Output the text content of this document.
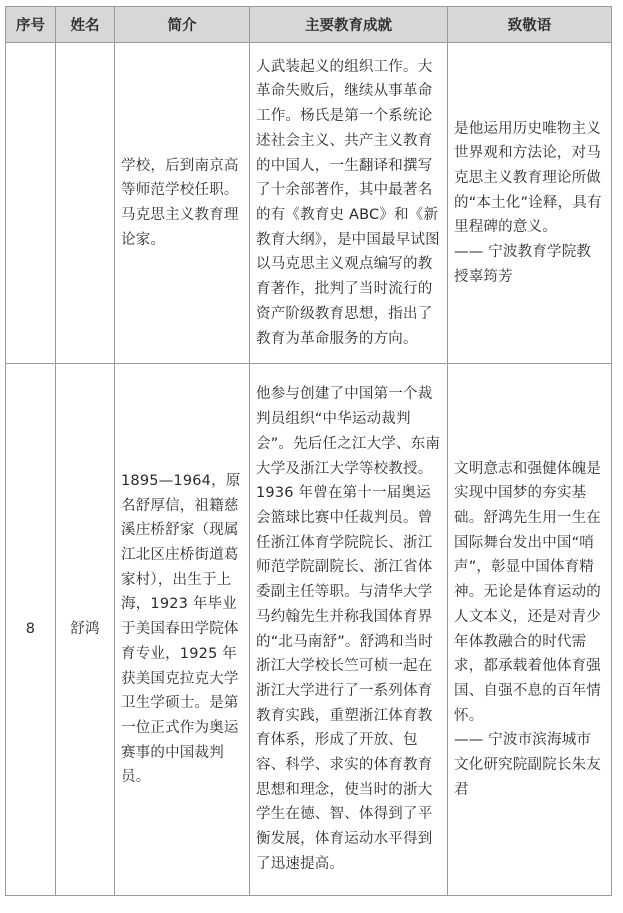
序号	姓名	简介	主要教育成就	致敬语

		学校，后到南京高等师范学校任职。马克思主义教育理论家。	人武装起义的组织工作。大革命失败后，继续从事革命工作。杨氏是第一个系统论述社会主义、共产主义教育的中国人，一生翻译和撰写了十余部著作，其中最著名的有《教育史 ABC》和《新教育大纲》，是中国最早试图以马克思主义观点编写的教育著作，批判了当时流行的资产阶级教育思想，指出了教育为革命服务的方向。	是他运用历史唯物主义世界观和方法论，对马克思主义教育理论所做的“本土化”诠释，具有里程碑的意义。
—— 宁波教育学院教授辜筠芳

8	舒鸿	1895—1964，原名舒厚信，祖籍慈溪庄桥舒家（现属江北区庄桥街道葛家村），出生于上海，1923 年毕业于美国春田学院体育专业，1925 年获美国克拉克大学卫生学硕士。是第一位正式作为奥运赛事的中国裁判员。	他参与创建了中国第一个裁判员组织“中华运动裁判会”。先后任之江大学、东南大学及浙江大学等校教授。1936 年曾在第十一届奥运会篮球比赛中任裁判员。曾任浙江体育学院院长、浙江师范学院副院长、浙江省体委副主任等职。与清华大学马约翰先生并称我国体育界的“北马南舒”。舒鸿和当时浙江大学校长竺可桢一起在浙江大学进行了一系列体育教育实践，重塑浙江体育教育体系，形成了开放、包容、科学、求实的体育教育思想和理念，使当时的浙大学生在德、智、体得到了平衡发展，体育运动水平得到了迅速提高。	文明意志和强健体魄是实现中国梦的夯实基础。舒鸿先生用一生在国际舞台发出中国“哨声”，彰显中国体育精神。无论是体育运动的人文本义，还是对青少年体教融合的时代需求，都承载着他体育强国、自强不息的百年情怀。
—— 宁波市滨海城市文化研究院副院长朱友君
